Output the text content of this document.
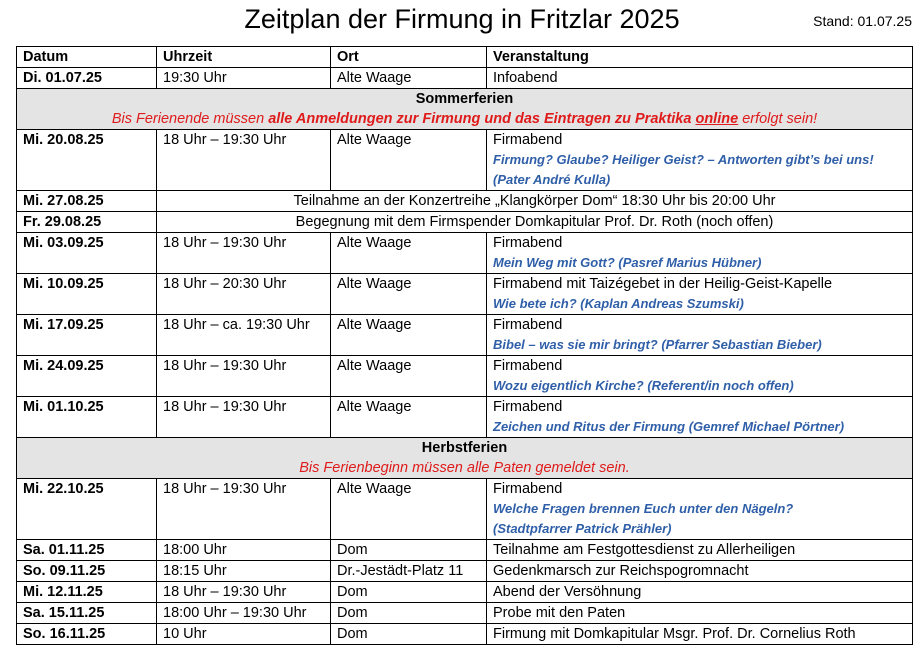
Zeitplan der Firmung in Fritzlar 2025	Stand: 01.07.25
Datum	Uhrzeit	Ort	Veranstaltung
Di. 01.07.25	19:30 Uhr	Alte Waage	Infoabend

Sommerferien
Bis Ferienende müssen alle Anmeldungen zur Firmung und das Eintragen zu Praktika online erfolgt sein!			

Mi. 20.08.25	18 Uhr – 19:30 Uhr	Alte Waage	Firmabend
Firmung? Glaube? Heiliger Geist? – Antworten gibt’s bei uns!
(Pater André Kulla)

Mi. 27.08.25	Teilnahme an der Konzertreihe „Klangkörper Dom“ 18:30 Uhr bis 20:00 Uhr		
Fr. 29.08.25	Begegnung mit dem Firmspender Domkapitular Prof. Dr. Roth (noch offen)		
Mi. 03.09.25	18 Uhr – 19:30 Uhr	Alte Waage	Firmabend
Mein Weg mit Gott? (Pasref Marius Hübner)

Mi. 10.09.25	18 Uhr – 20:30 Uhr	Alte Waage	Firmabend mit Taizégebet in der Heilig-Geist-Kapelle
Wie bete ich? (Kaplan Andreas Szumski)

Mi. 17.09.25	18 Uhr – ca. 19:30 Uhr	Alte Waage	Firmabend
Bibel – was sie mir bringt? (Pfarrer Sebastian Bieber)

Mi. 24.09.25	18 Uhr – 19:30 Uhr	Alte Waage	Firmabend
Wozu eigentlich Kirche? (Referent/in noch offen)

Mi. 01.10.25	18 Uhr – 19:30 Uhr	Alte Waage	Firmabend
Zeichen und Ritus der Firmung (Gemref Michael Pörtner)

Herbstferien
Bis Ferienbeginn müssen alle Paten gemeldet sein.			

Mi. 22.10.25	18 Uhr – 19:30 Uhr	Alte Waage	Firmabend
Welche Fragen brennen Euch unter den Nägeln?
(Stadtpfarrer Patrick Prähler)

Sa. 01.11.25	18:00 Uhr	Dom	Teilnahme am Festgottesdienst zu Allerheiligen
So. 09.11.25	18:15 Uhr	Dr.-Jestädt-Platz 11	Gedenkmarsch zur Reichspogromnacht
Mi. 12.11.25	18 Uhr – 19:30 Uhr	Dom	Abend der Versöhnung
Sa. 15.11.25	18:00 Uhr – 19:30 Uhr	Dom	Probe mit den Paten
So. 16.11.25	10 Uhr	Dom	Firmung mit Domkapitular Msgr. Prof. Dr. Cornelius Roth
